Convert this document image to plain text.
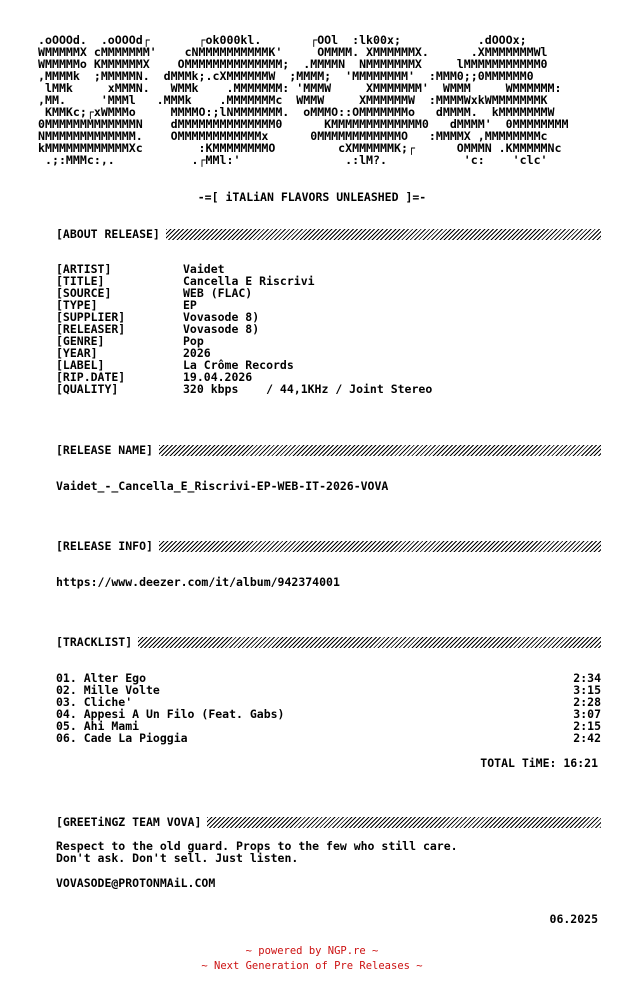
.oOOOd.  .oOOOd┌       ┌ok000kl.       ┌OOl  :lk00x;           .dOOOx;
WMMMMMX cMMMMMMM'    cNMMMMMMMMMMK'     OMMMM. XMMMMMMX.      .XMMMMMMMWl
WMMMMMo KMMMMMMX    OMMMMMMMMMMMMMM;  .MMMMN  NMMMMMMMX     lMMMMMMMMMMM0
,MMMMk  ;MMMMMN.  dMMMk;.cXMMMMMMW  ;MMMM;  'MMMMMMMM'  :MMM0;;0MMMMMM0
lMMk     xMMMN.   WMMk    .MMMMMMM: 'MMMW     XMMMMMMM'  WMMM     WMMMMMM:
,MM.     'MMMl   .MMMk    .MMMMMMMc  WMMW     XMMMMMMW  :MMMMWxkWMMMMMMMK
KMMKc;┌xWMMMo     MMMMO:;lNMMMMMMM.  oMMMO::OMMMMMMMo   dMMMM.  kMMMMMMMW
0MMMMMMMMMMMMMN    dMMMMMMMMMMMMMM0      KMMMMMMMMMMMMM0   dMMMM'  0MMMMMMMM
NMMMMMMMMMMMMM.    OMMMMMMMMMMMMx      0MMMMMMMMMMMMO   :MMMMX ,MMMMMMMMc
kMMMMMMMMMMMMXc        :KMMMMMMMMO         cXMMMMMMK;┌      OMMMN .KMMMMMNc
.;:MMMc:,.           .┌MMl:'               .:lM?.           'c:    'clc'
-=[ iTALiAN FLAVORS UNLEASHED ]=-
[ABOUT RELEASE]
[ARTIST]	Vaidet
[TITLE]	Cancella E Riscrivi
[SOURCE]	WEB (FLAC)
[TYPE]	EP
[SUPPLIER]	Vovasode 8)
[RELEASER]	Vovasode 8)
[GENRE]	Pop
[YEAR]	2026
[LABEL]	La Crôme Records
[RIP.DATE]	19.04.2026
[QUALITY]	320 kbps    / 44,1KHz / Joint Stereo
[RELEASE NAME]
Vaidet_-_Cancella_E_Riscrivi-EP-WEB-IT-2026-VOVA
[RELEASE INFO]
https://www.deezer.com/it/album/942374001
[TRACKLIST]
01. Alter Ego	2:34
02. Mille Volte	3:15
03. Cliche'	2:28
04. Appesi A Un Filo (Feat. Gabs)	3:07
05. Ahi Mami	2:15
06. Cade La Pioggia	2:42
TOTAL TiME: 16:21
[GREETiNGZ TEAM VOVA]
Respect to the old guard. Props to the few who still care.
Don't ask. Don't sell. Just listen.
VOVASODE@PROTONMAiL.COM
06.2025
~ powered by NGP.re ~
~ Next Generation of Pre Releases ~
